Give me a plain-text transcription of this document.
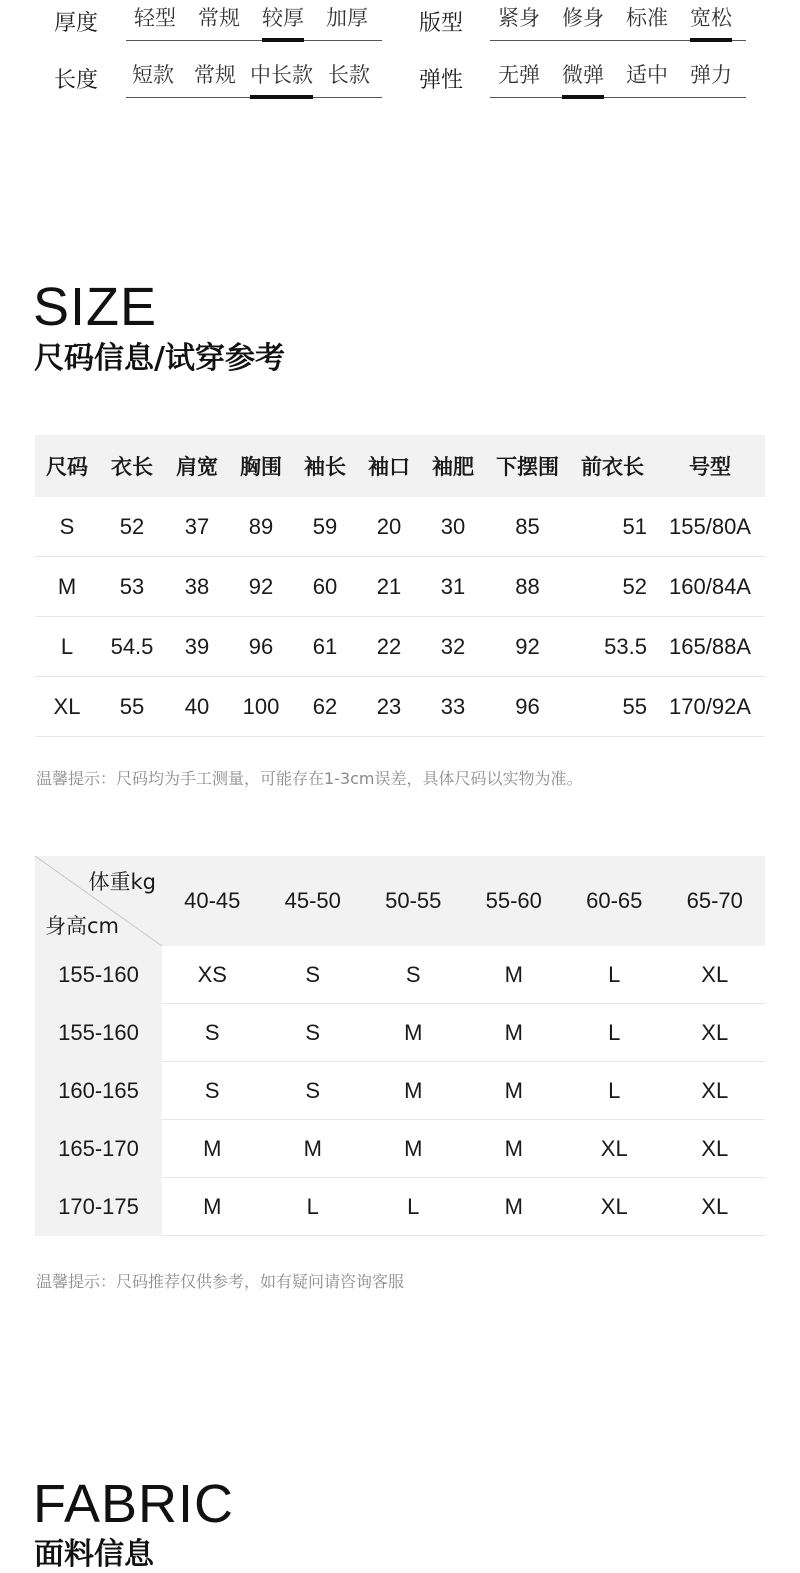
厚度 轻型 常规 较厚 加厚 版型 紧身 修身 标准 宽松
长度 短款 常规 中长款 长款 弹性 无弹 微弹 适中 弹力
SIZE
尺码信息/试穿参考
尺码	衣长	肩宽	胸围	袖长	袖口	袖肥	下摆围	前衣长	号型
S	52	37	89	59	20	30	85	51	155/80A
M	53	38	92	60	21	31	88	52	160/84A
L	54.5	39	96	61	22	32	92	53.5	165/88A
XL	55	40	100	62	23	33	96	55	170/92A
温馨提示：尺码均为手工测量，可能存在1-3cm误差，具体尺码以实物为准。
体重kg
身高cm	40-45	45-50	50-55	55-60	60-65	65-70
155-160	XS	S	S	M	L	XL
155-160	S	S	M	M	L	XL
160-165	S	S	M	M	L	XL
165-170	M	M	M	M	XL	XL
170-175	M	L	L	M	XL	XL
温馨提示：尺码推荐仅供参考，如有疑问请咨询客服
FABRIC
面料信息
